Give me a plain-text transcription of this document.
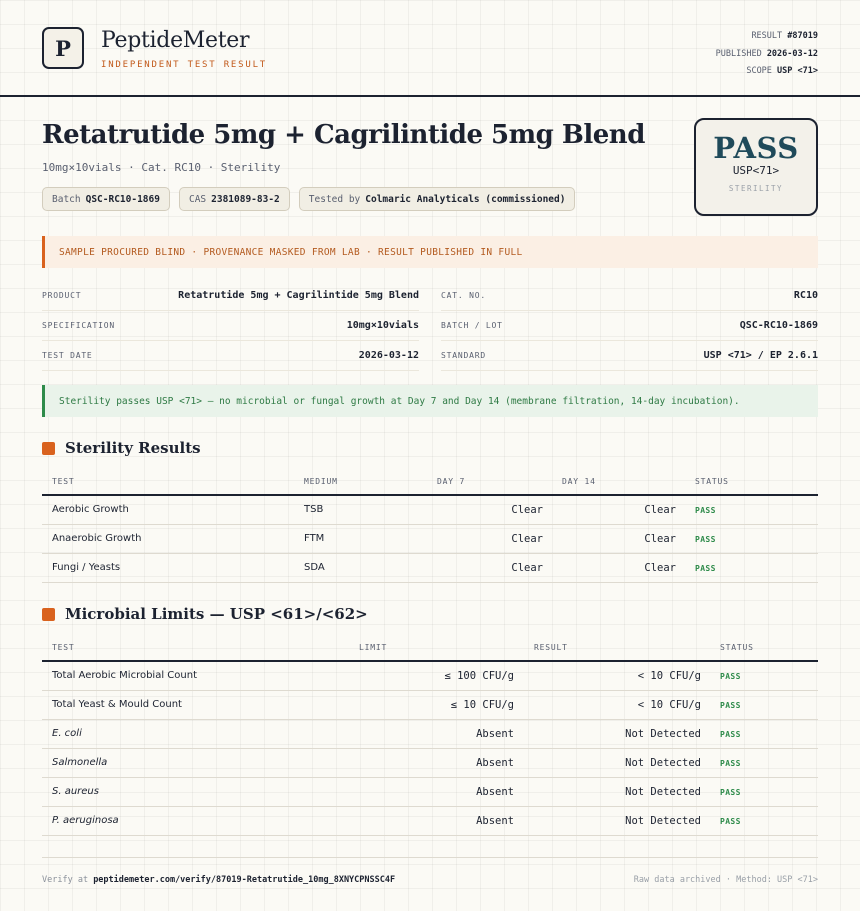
P PeptideMeter
INDEPENDENT TEST RESULT
RESULT #87019
PUBLISHED 2026-03-12
SCOPE USP <71>
Retatrutide 5mg + Cagrilintide 5mg Blend
10mg×10vials · Cat. RC10 · Sterility
Batch QSC-RC10-1869	CAS 2381089-83-2	Tested by Colmaric Analyticals (commissioned)
PASS
USP<71>
STERILITY
SAMPLE PROCURED BLIND · PROVENANCE MASKED FROM LAB · RESULT PUBLISHED IN FULL
PRODUCT	Retatrutide 5mg + Cagrilintide 5mg Blend
SPECIFICATION	10mg×10vials
TEST DATE	2026-03-12
CAT. NO.	RC10
BATCH / LOT	QSC-RC10-1869
STANDARD	USP <71> / EP 2.6.1
Sterility passes USP <71> — no microbial or fungal growth at Day 7 and Day 14 (membrane filtration, 14-day incubation).
Sterility Results
TEST	MEDIUM	DAY 7	DAY 14	STATUS
Aerobic Growth	TSB	Clear	Clear PASS
Anaerobic Growth	FTM	Clear	Clear PASS
Fungi / Yeasts	SDA	Clear	Clear PASS
Microbial Limits — USP <61>/<62>
TEST	LIMIT	RESULT	STATUS
Total Aerobic Microbial Count	≤ 100 CFU/g	< 10 CFU/g PASS
Total Yeast & Mould Count	≤ 10 CFU/g	< 10 CFU/g PASS
E. coli	Absent	Not Detected PASS
Salmonella	Absent	Not Detected PASS
S. aureus	Absent	Not Detected PASS
P. aeruginosa	Absent	Not Detected PASS
Verify at peptidemeter.com/verify/87019-Retatrutide_10mg_8XNYCPNSSC4F	Raw data archived · Method: USP <71>
